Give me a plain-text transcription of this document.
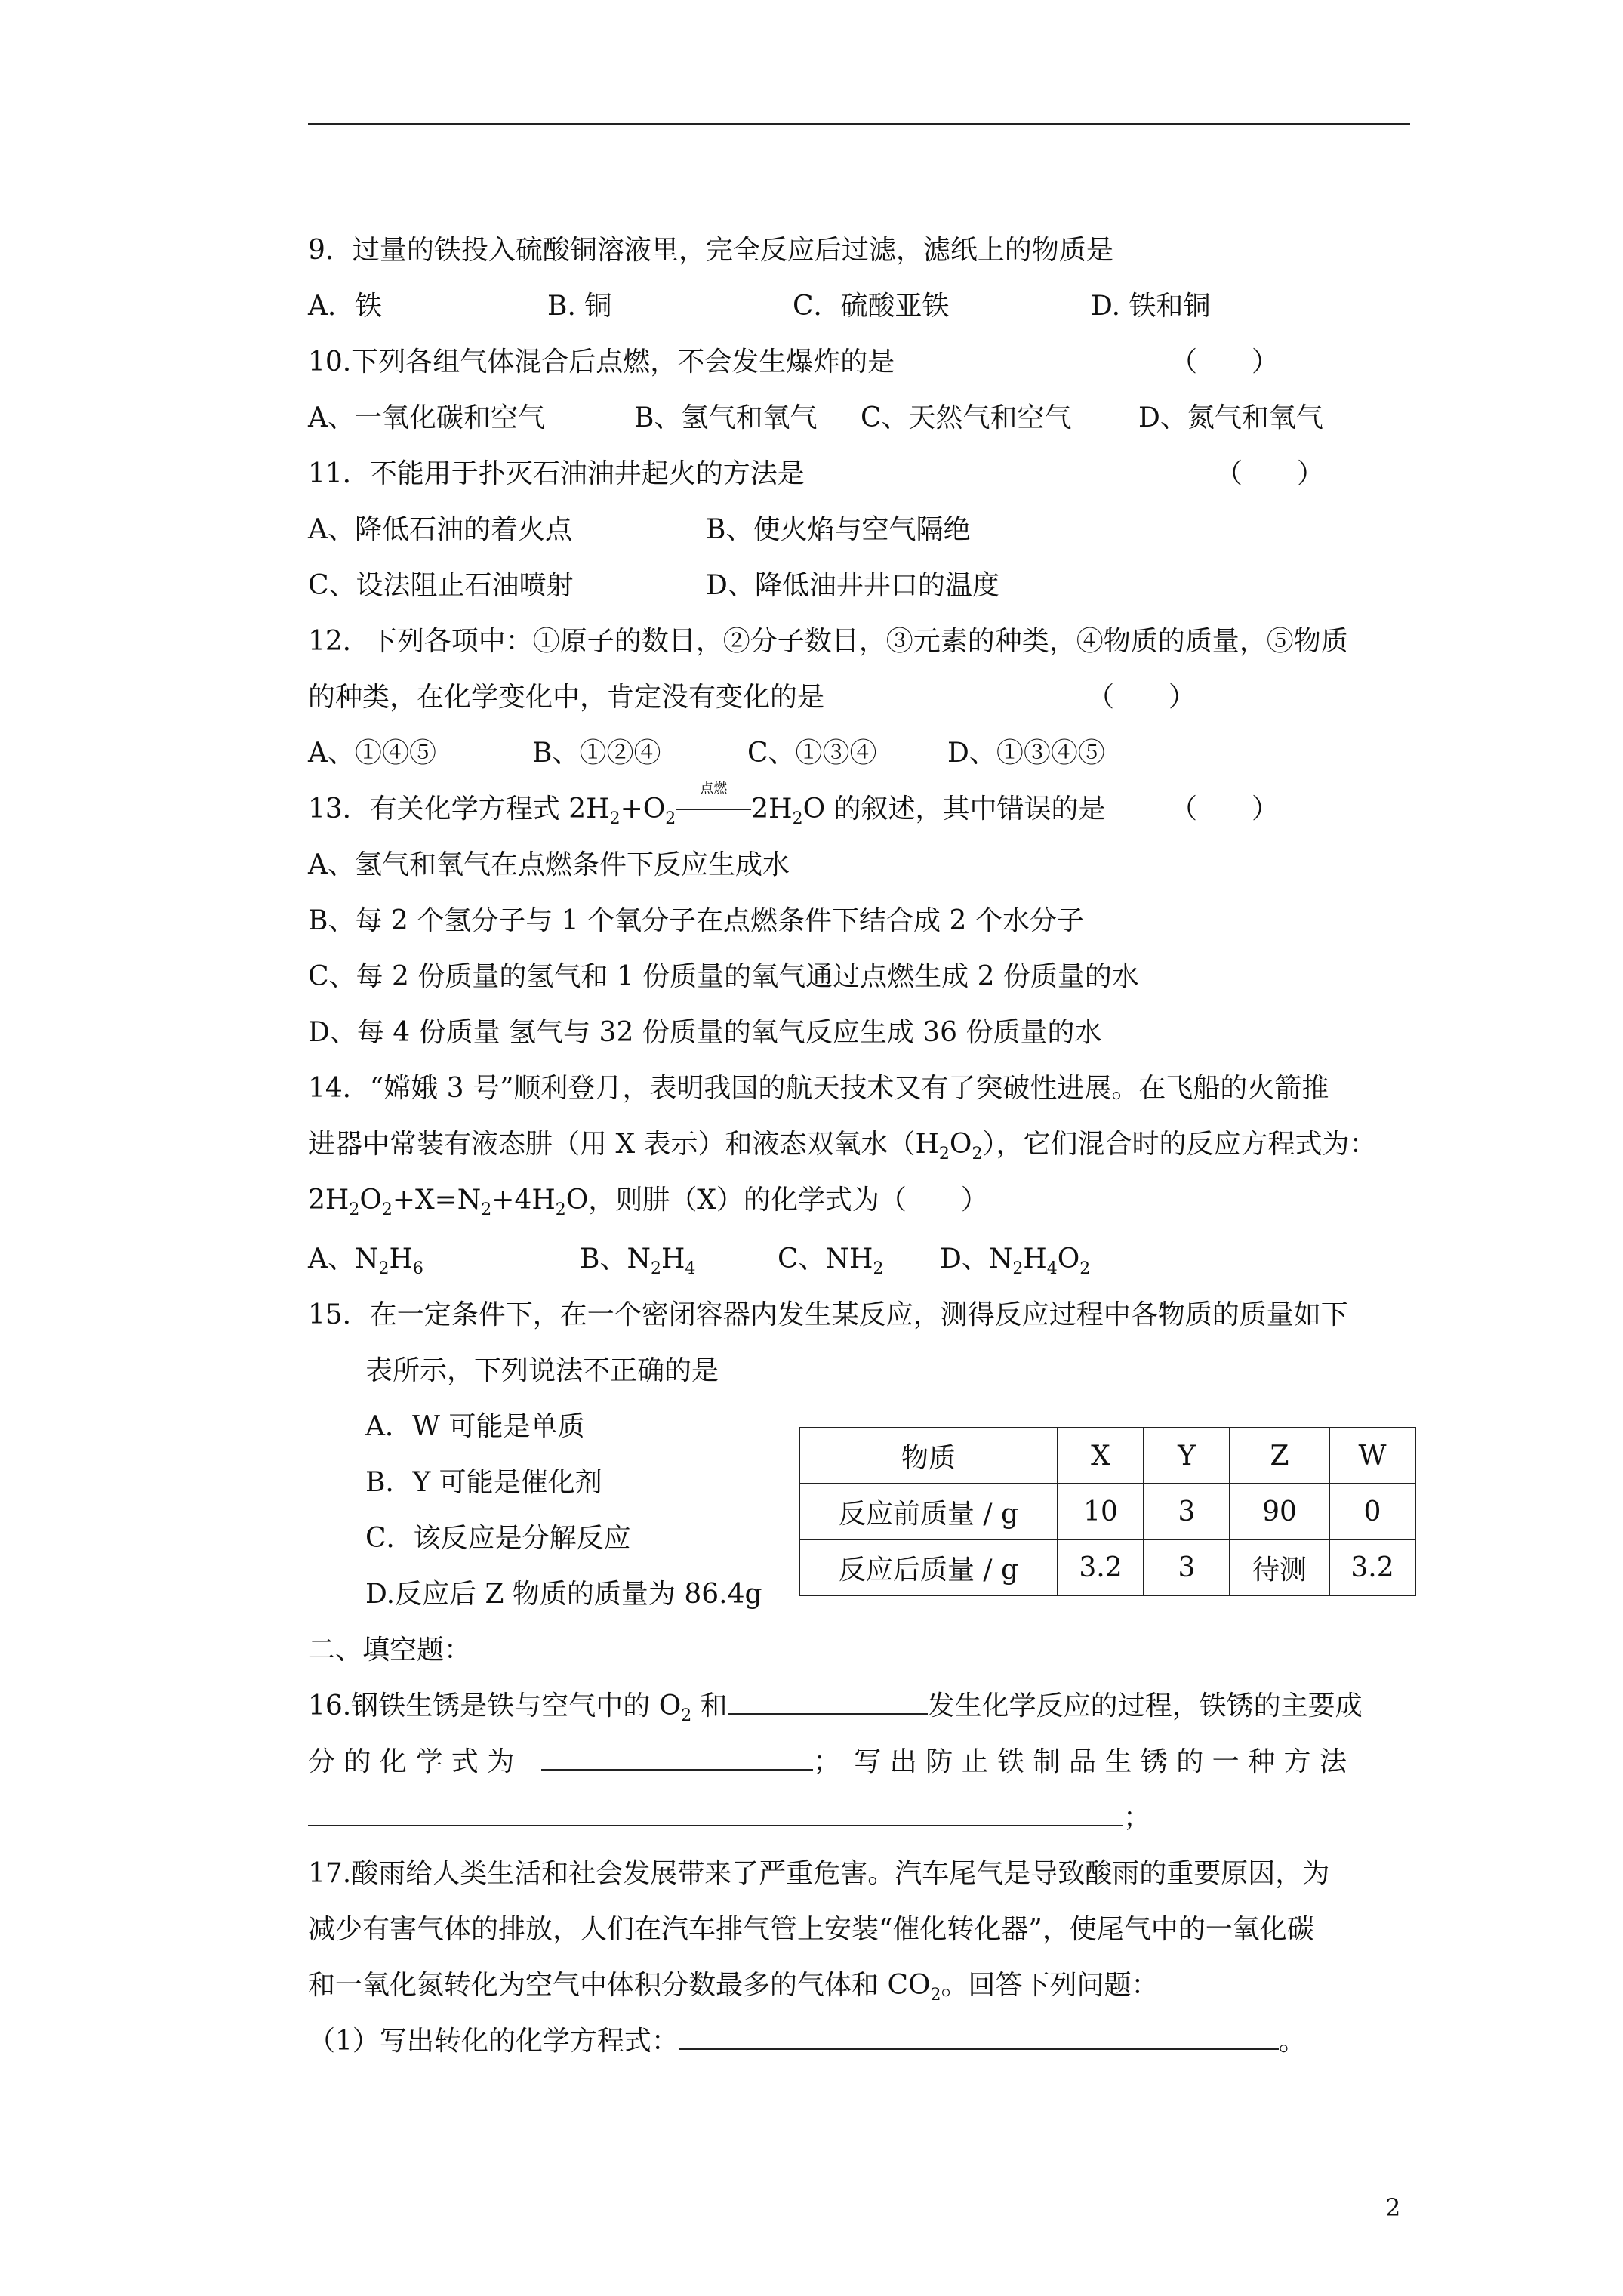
9．过量的铁投入硫酸铜溶液里，完全反应后过滤，滤纸上的物质是
A．铁	B. 铜	C．硫酸亚铁	D. 铁和铜
10.下列各组气体混合后点燃，不会发生爆炸的是	（　　）
A、一氧化碳和空气	B、氢气和氧气 C、天然气和空气 D、氮气和氧气
11．不能用于扑灭石油油井起火的方法是	（　　）
A、降低石油的着火点	B、使火焰与空气隔绝
C、设法阻止石油喷射	D、降低油井井口的温度
12．下列各项中：①原子的数目，②分子数目，③元素的种类，④物质的质量，⑤物质
的种类，在化学变化中，肯定没有变化的是	（　　）
A、①④⑤	B、①②④	C、①③④	D、①③④⑤
13．有关化学方程式 $2H_2+O_2$
点燃
$2H_2O$ 的叙述，其中错误的是 （　　）
A、氢气和氧气在点燃条件下反应生成水
B、每 2 个氢分子与 1 个氧分子在点燃条件下结合成 2 个水分子
C、每 2 份质量的氢气和 1 份质量的氧气通过点燃生成 2 份质量的水
D、每 4 份质量 氢气与 32 份质量的氧气反应生成 36 份质量的水
14．“嫦娥 3 号”顺利登月，表明我国的航天技术又有了突破性进展。在飞船的火箭推
进器中常装有液态肼（用 X 表示）和液态双氧水$(H_2O_2)$，它们混合时的反应方程式为：
$2H_2O_2+X=N_2+4H_2O$，则肼（X）的化学式为（　　）
A、$N_2H_6$	B、$N_2H_4$	C、$NH_2$ D、$N_2H_4O_2$
15．在一定条件下，在一个密闭容器内发生某反应，测得反应过程中各物质的质量如下
表所示，下列说法不正确的是
A．W 可能是单质
B．Y 可能是催化剂
C．该反应是分解反应
D.反应后 Z 物质的质量为 86.4g
物质	X	Y	Z	W
反应前质量 / g	10	3	90	0
反应后质量 / g	3.2	3	待测	3.2
二、填空题：
16.钢铁生锈是铁与空气中的 $O_2$ 和	发生化学反应的过程，铁锈的主要成
分 的 化 学 式 为　	；　写 出 防 止 铁 制 品 生 锈 的 一 种 方 法
；
17.酸雨给人类生活和社会发展带来了严重危害。汽车尾气是导致酸雨的重要原因，为
减少有害气体的排放，人们在汽车排气管上安装“催化转化器”，使尾气中的一氧化碳
和一氧化氮转化为空气中体积分数最多的气体和 $CO_2$。回答下列问题：
（1）写出转化的化学方程式：	。
2
